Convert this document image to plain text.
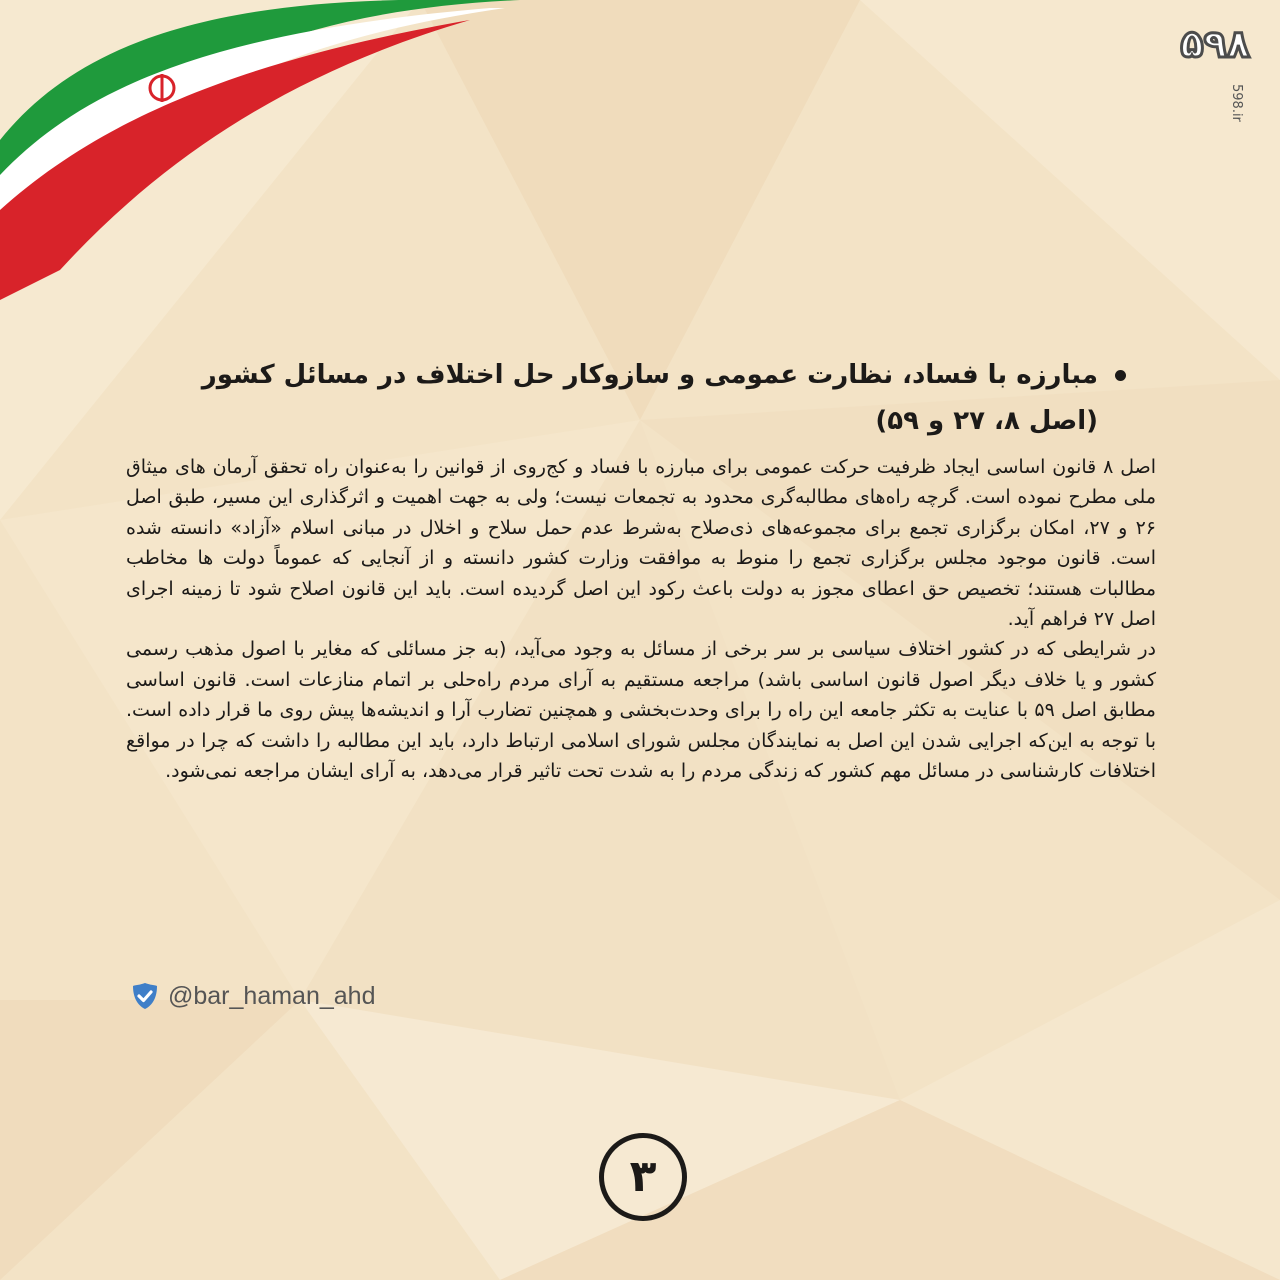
۵۹۸
598.ir
مبارزه با فساد، نظارت عمومی و سازوکار حل اختلاف در مسائل کشور (اصل ۸، ۲۷ و ۵۹)

اصل ۸ قانون اساسی ایجاد ظرفیت حرکت عمومی برای مبارزه با فساد و کج‌روی از قوانین را به‌عنوان راه تحقق آرمان های میثاق ملی مطرح نموده است. گرچه راه‌های مطالبه‌گری محدود به تجمعات نیست؛ ولی به جهت اهمیت و اثرگذاری این مسیر، طبق اصل ۲۶ و ۲۷، امکان برگزاری تجمع برای مجموعه‌های ذی‌صلاح به‌شرط عدم حمل سلاح و اخلال در مبانی اسلام «آزاد» دانسته شده است. قانون موجود مجلس برگزاری تجمع را منوط به موافقت وزارت کشور دانسته و از آنجایی که عموماً دولت ها مخاطب مطالبات هستند؛ تخصیص حق اعطای مجوز به دولت باعث رکود این اصل گردیده است. باید این قانون اصلاح شود تا زمینه اجرای اصل ۲۷ فراهم آید.

در شرایطی که در کشور اختلاف سیاسی بر سر برخی از مسائل به وجود می‌آید، (به جز مسائلی که مغایر با اصول مذهب رسمی کشور و یا خلاف دیگر اصول قانون اساسی باشد) مراجعه مستقیم به آرای مردم راه‌حلی بر اتمام منازعات است. قانون اساسی مطابق اصل ۵۹ با عنایت به تکثر جامعه این راه را برای وحدت‌بخشی و همچنین تضارب آرا و اندیشه‌ها پیش روی ما قرار داده است. با توجه به این‌که اجرایی شدن این اصل به نمایندگان مجلس شورای اسلامی ارتباط دارد، باید این مطالبه را داشت که چرا در مواقع اختلافات کارشناسی در مسائل مهم کشور که زندگی مردم را به شدت تحت تاثیر قرار می‌دهد، به آرای ایشان مراجعه نمی‌شود.

@bar_haman_ahd
۳
